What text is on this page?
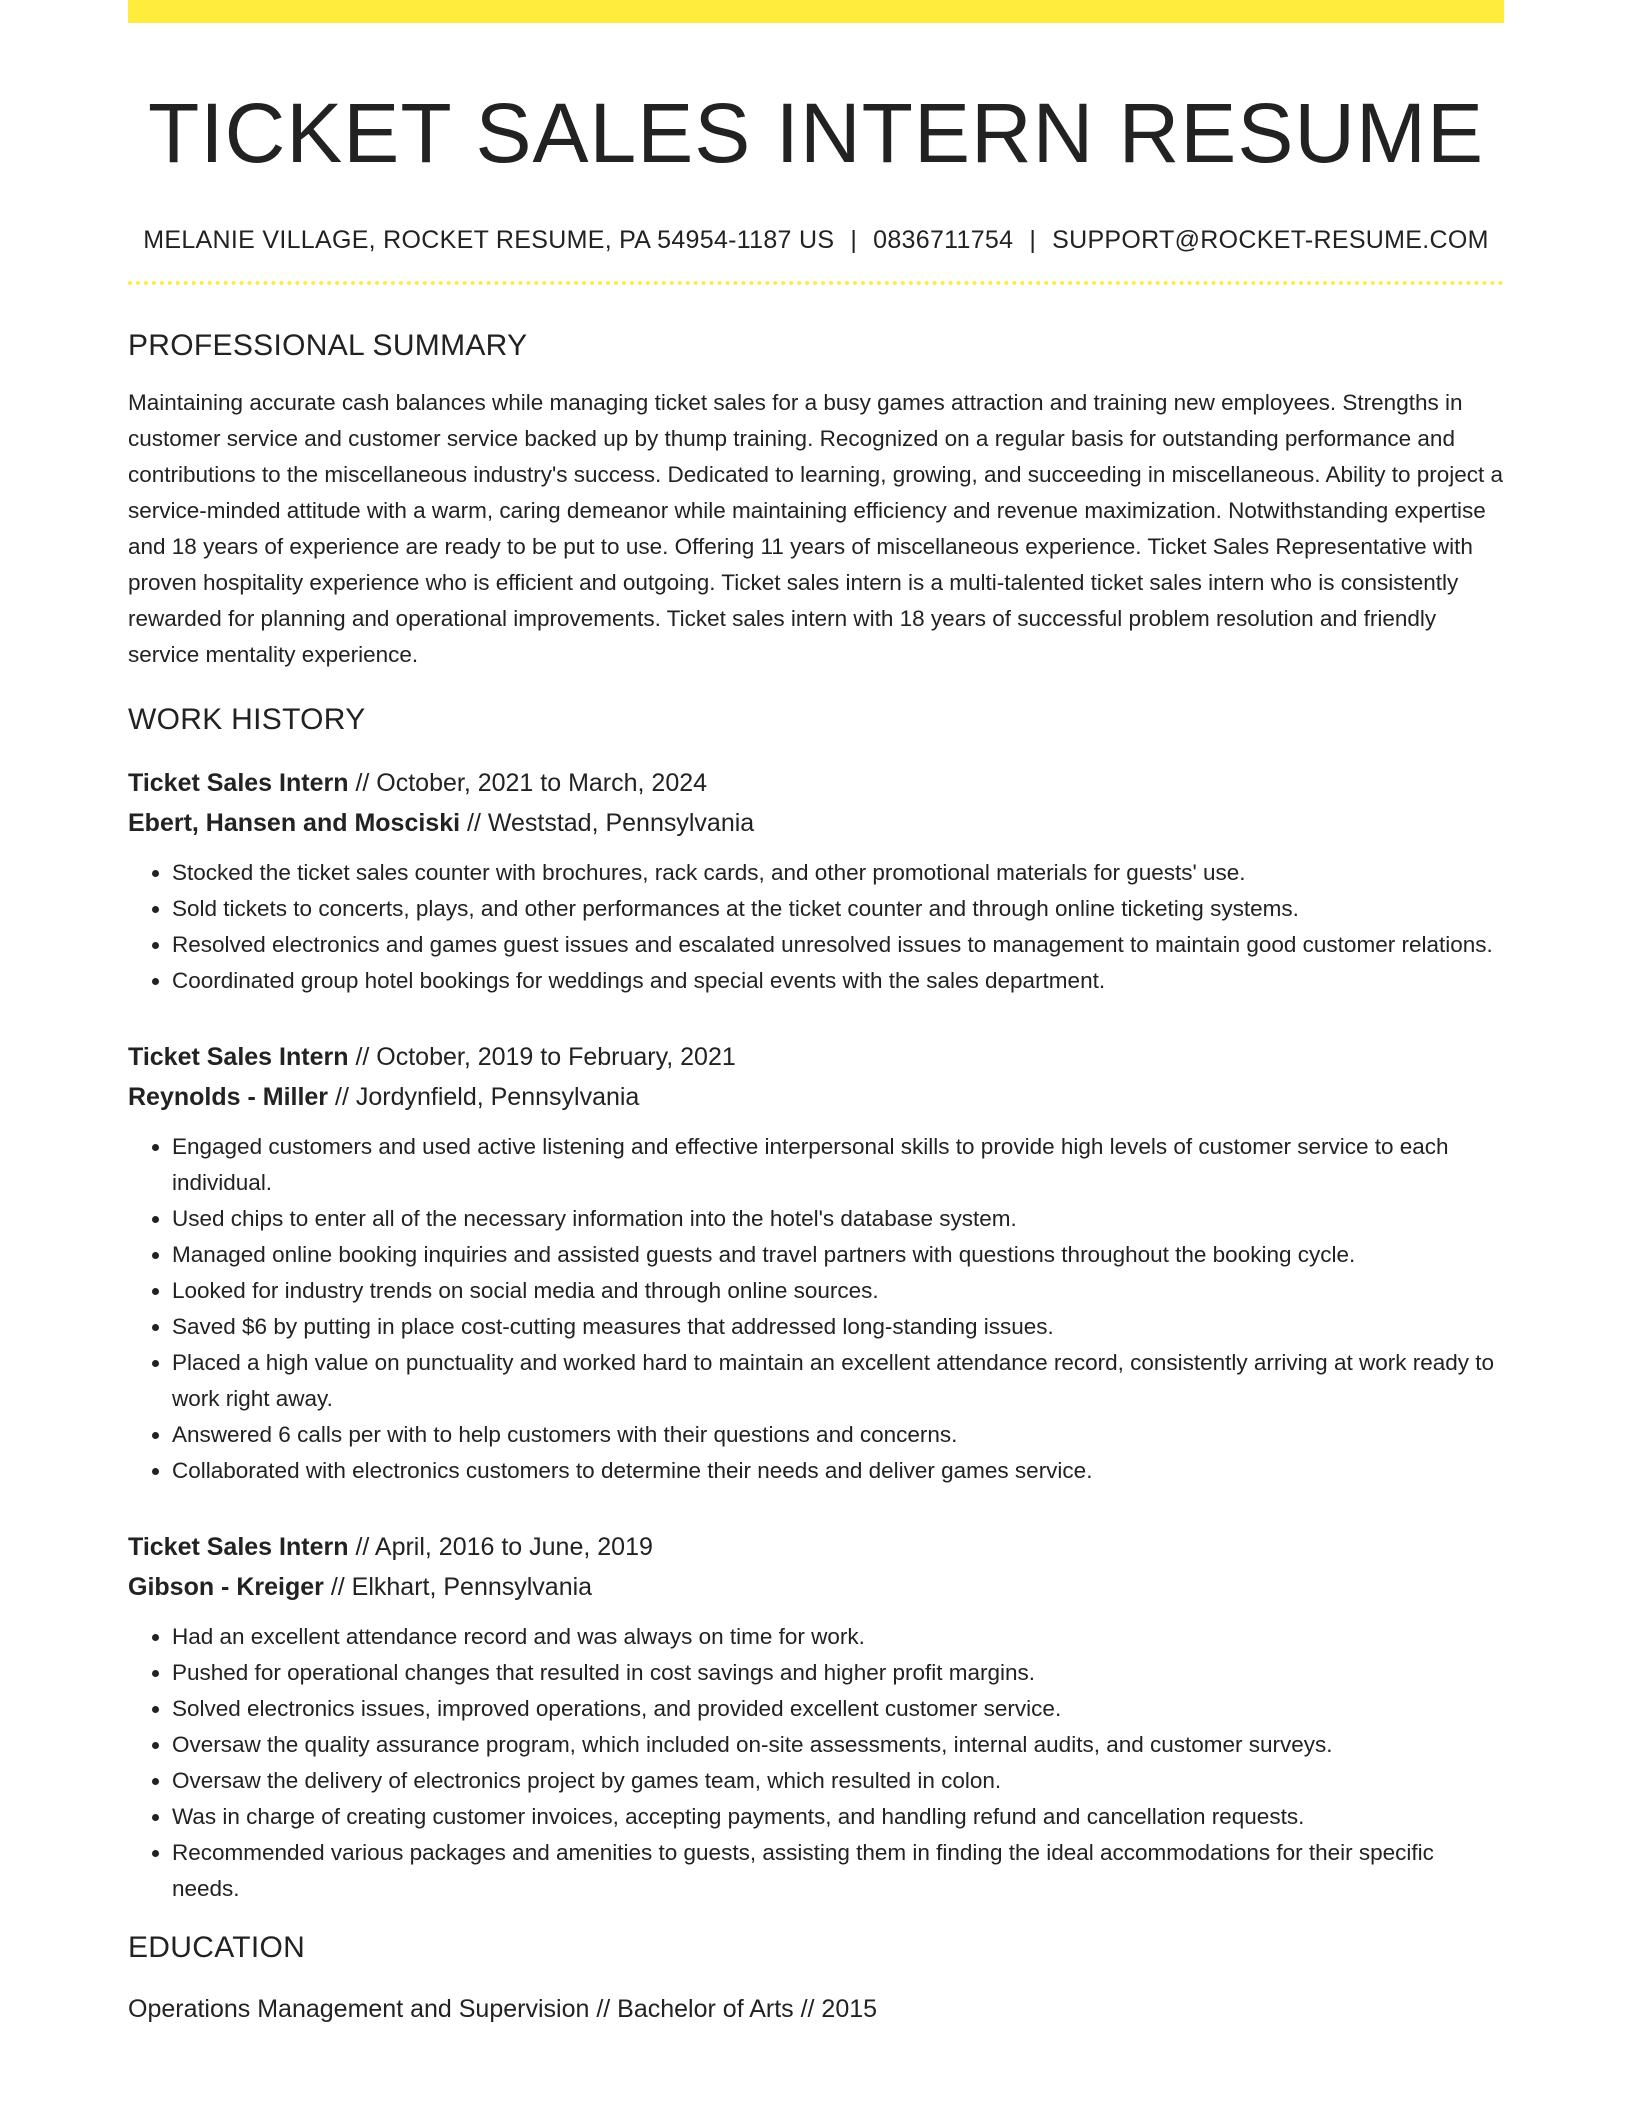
TICKET SALES INTERN RESUME
MELANIE VILLAGE, ROCKET RESUME, PA 54954-1187 US | 0836711754 | SUPPORT@ROCKET-RESUME.COM
PROFESSIONAL SUMMARY

Maintaining accurate cash balances while managing ticket sales for a busy games attraction and training new employees. Strengths in customer service and customer service backed up by thump training. Recognized on a regular basis for outstanding performance and contributions to the miscellaneous industry's success. Dedicated to learning, growing, and succeeding in miscellaneous. Ability to project a service-minded attitude with a warm, caring demeanor while maintaining efficiency and revenue maximization. Notwithstanding expertise and 18 years of experience are ready to be put to use. Offering 11 years of miscellaneous experience. Ticket Sales Representative with proven hospitality experience who is efficient and outgoing. Ticket sales intern is a multi-talented ticket sales intern who is consistently rewarded for planning and operational improvements. Ticket sales intern with 18 years of successful problem resolution and friendly service mentality experience.

WORK HISTORY
Ticket Sales Intern // October, 2021 to March, 2024
Ebert, Hansen and Mosciski // Weststad, Pennsylvania
• Stocked the ticket sales counter with brochures, rack cards, and other promotional materials for guests' use.
• Sold tickets to concerts, plays, and other performances at the ticket counter and through online ticketing systems.
• Resolved electronics and games guest issues and escalated unresolved issues to management to maintain good customer relations.
• Coordinated group hotel bookings for weddings and special events with the sales department.
Ticket Sales Intern // October, 2019 to February, 2021
Reynolds - Miller // Jordynfield, Pennsylvania
• Engaged customers and used active listening and effective interpersonal skills to provide high levels of customer service to each individual.
• Used chips to enter all of the necessary information into the hotel's database system.
• Managed online booking inquiries and assisted guests and travel partners with questions throughout the booking cycle.
• Looked for industry trends on social media and through online sources.
• Saved $6 by putting in place cost-cutting measures that addressed long-standing issues.
• Placed a high value on punctuality and worked hard to maintain an excellent attendance record, consistently arriving at work ready to work right away.
• Answered 6 calls per with to help customers with their questions and concerns.
• Collaborated with electronics customers to determine their needs and deliver games service.
Ticket Sales Intern // April, 2016 to June, 2019
Gibson - Kreiger // Elkhart, Pennsylvania
• Had an excellent attendance record and was always on time for work.
• Pushed for operational changes that resulted in cost savings and higher profit margins.
• Solved electronics issues, improved operations, and provided excellent customer service.
• Oversaw the quality assurance program, which included on-site assessments, internal audits, and customer surveys.
• Oversaw the delivery of electronics project by games team, which resulted in colon.
• Was in charge of creating customer invoices, accepting payments, and handling refund and cancellation requests.
• Recommended various packages and amenities to guests, assisting them in finding the ideal accommodations for their specific needs.
EDUCATION
Operations Management and Supervision // Bachelor of Arts // 2015
